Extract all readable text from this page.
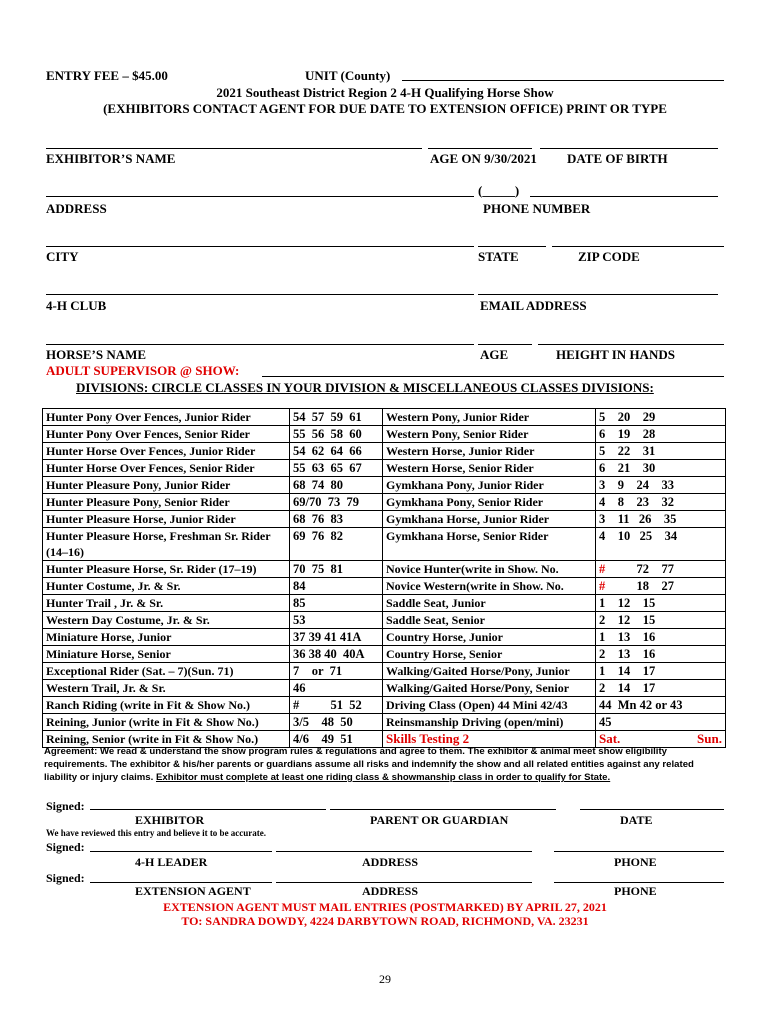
ENTRY FEE – $45.00	UNIT (County)
2021 Southeast District Region 2 4-H Qualifying Horse Show
(EXHIBITORS CONTACT AGENT FOR DUE DATE TO EXTENSION OFFICE) PRINT OR TYPE
EXHIBITOR’S NAME	AGE ON 9/30/2021 DATE OF BIRTH
(_____)
ADDRESS	PHONE NUMBER
CITY	STATE	ZIP CODE
4-H CLUB	EMAIL ADDRESS
HORSE’S NAME	AGE	HEIGHT IN HANDS
ADULT SUPERVISOR @ SHOW:
DIVISIONS: CIRCLE CLASSES IN YOUR DIVISION & MISCELLANEOUS CLASSES DIVISIONS:
Hunter Pony Over Fences, Junior Rider	54  57  59  61	Western Pony, Junior Rider	5    20    29
Hunter Pony Over Fences, Senior Rider	55  56  58  60	Western Pony, Senior Rider	6    19    28
Hunter Horse Over Fences, Junior Rider	54  62  64  66	Western Horse, Junior Rider	5    22    31
Hunter Horse Over Fences, Senior Rider	55  63  65  67	Western Horse, Senior Rider	6    21    30
Hunter Pleasure Pony, Junior Rider	68  74  80	Gymkhana Pony, Junior Rider	3    9    24    33
Hunter Pleasure Pony, Senior Rider	69/70  73  79	Gymkhana Pony, Senior Rider	4    8    23    32
Hunter Pleasure Horse, Junior Rider	68  76  83	Gymkhana Horse, Junior Rider	3    11   26    35
Hunter Pleasure Horse, Freshman Sr. Rider (14–16)	69  76  82	Gymkhana Horse, Senior Rider	4    10   25    34
Hunter Pleasure Horse, Sr. Rider (17–19)	70  75  81	Novice Hunter(write in Show. No.	#          72    77
Hunter Costume, Jr. & Sr.	84	Novice Western(write in Show. No.	#          18    27
Hunter Trail , Jr. & Sr.	85	Saddle Seat, Junior	1    12    15
Western Day Costume, Jr. & Sr.	53	Saddle Seat, Senior	2    12    15
Miniature Horse, Junior	37 39 41 41A	Country Horse, Junior	1    13    16
Miniature Horse, Senior	36 38 40  40A	Country Horse, Senior	2    13    16
Exceptional Rider (Sat. – 7)(Sun. 71)	7    or  71	Walking/Gaited Horse/Pony, Junior	1    14    17
Western Trail, Jr. & Sr.	46	Walking/Gaited Horse/Pony, Senior	2    14    17
Ranch Riding (write in Fit & Show No.)	#          51  52	Driving Class (Open) 44 Mini 42/43	44  Mn 42 or 43
Reining, Junior (write in Fit & Show No.)	3/5    48  50	Reinsmanship Driving (open/mini)	45
Reining, Senior (write in Fit & Show No.)	4/6    49  51	Skills Testing 2	Sat. Sun.
Agreement: We read & understand the show program rules & regulations and agree to them. The exhibitor & animal meet show eligibility requirements. The exhibitor & his/her parents or guardians assume all risks and indemnify the show and all related entities against any related liability or injury claims. Exhibitor must complete at least one riding class & showmanship class in order to qualify for State.
Signed:
EXHIBITOR	PARENT OR GUARDIAN	DATE
We have reviewed this entry and believe it to be accurate.
Signed:
4-H LEADER	ADDRESS	PHONE
Signed:
EXTENSION AGENT	ADDRESS	PHONE
EXTENSION AGENT MUST MAIL ENTRIES (POSTMARKED) BY APRIL 27, 2021
TO: SANDRA DOWDY, 4224 DARBYTOWN ROAD, RICHMOND, VA. 23231
29
